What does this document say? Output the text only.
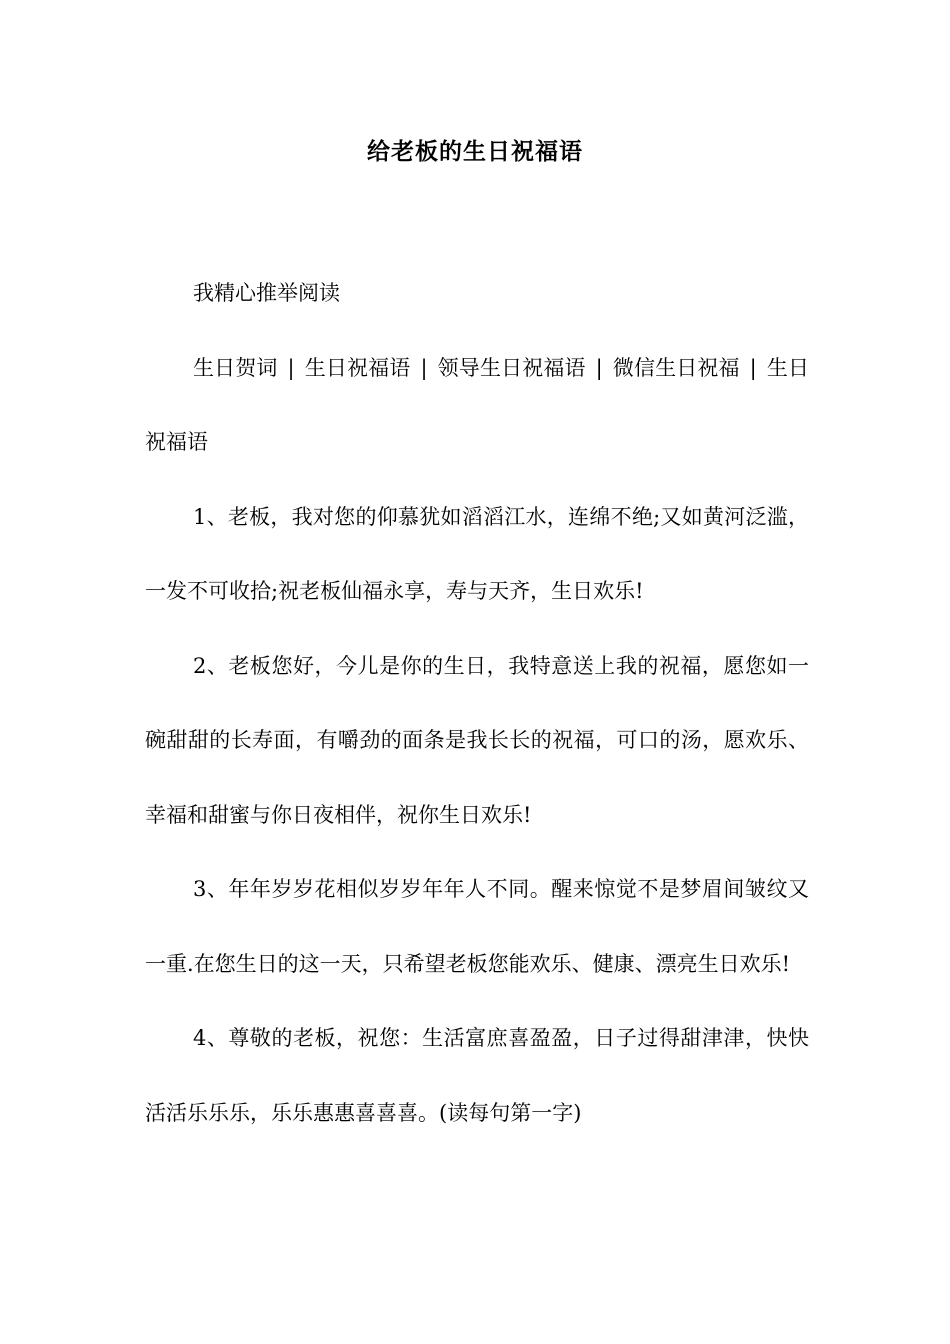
给老板的生日祝福语

我精心推举阅读

生日贺词 | 生日祝福语 | 领导生日祝福语 | 微信生日祝福 | 生日祝福语

1、老板，我对您的仰慕犹如滔滔江水，连绵不绝;又如黄河泛滥，一发不可收拾;祝老板仙福永享，寿与天齐，生日欢乐!

2、老板您好，今儿是你的生日，我特意送上我的祝福，愿您如一碗甜甜的长寿面，有嚼劲的面条是我长长的祝福，可口的汤，愿欢乐、幸福和甜蜜与你日夜相伴，祝你生日欢乐!

3、年年岁岁花相似岁岁年年人不同。醒来惊觉不是梦眉间皱纹又一重.在您生日的这一天，只希望老板您能欢乐、健康、漂亮生日欢乐!

4、尊敬的老板，祝您：生活富庶喜盈盈，日子过得甜津津，快快活活乐乐乐，乐乐惠惠喜喜喜。(读每句第一字)
